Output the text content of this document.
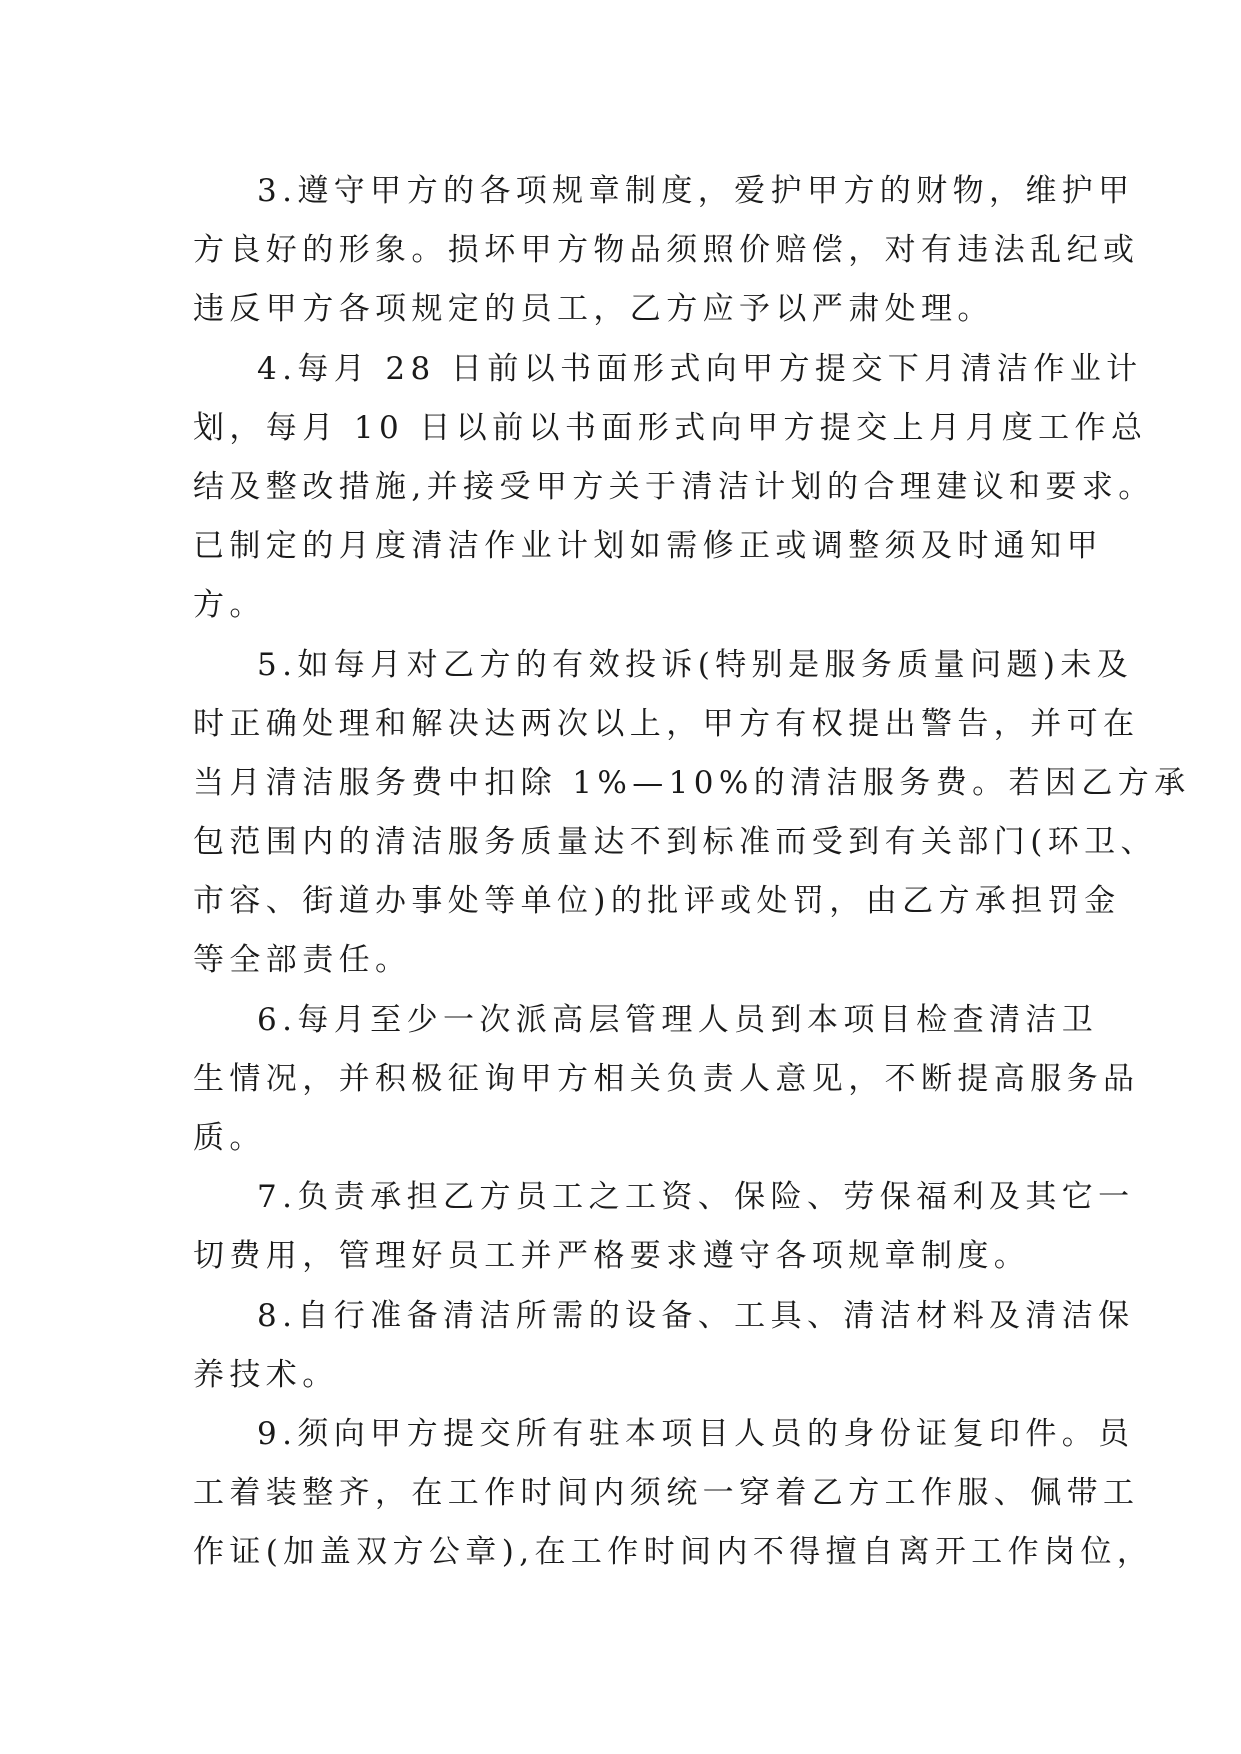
3.遵守甲方的各项规章制度，爱护甲方的财物，维护甲
方良好的形象。损坏甲方物品须照价赔偿，对有违法乱纪或
违反甲方各项规定的员工，乙方应予以严肃处理。
4.每月 28 日前以书面形式向甲方提交下月清洁作业计
划，每月 10 日以前以书面形式向甲方提交上月月度工作总
结及整改措施,并接受甲方关于清洁计划的合理建议和要求。
已制定的月度清洁作业计划如需修正或调整须及时通知甲
方。
5.如每月对乙方的有效投诉(特别是服务质量问题)未及
时正确处理和解决达两次以上，甲方有权提出警告，并可在
当月清洁服务费中扣除 1%—10%的清洁服务费。若因乙方承
包范围内的清洁服务质量达不到标准而受到有关部门(环卫、
市容、街道办事处等单位)的批评或处罚，由乙方承担罚金
等全部责任。
6.每月至少一次派高层管理人员到本项目检查清洁卫
生情况，并积极征询甲方相关负责人意见，不断提高服务品
质。
7.负责承担乙方员工之工资、保险、劳保福利及其它一
切费用，管理好员工并严格要求遵守各项规章制度。
8.自行准备清洁所需的设备、工具、清洁材料及清洁保
养技术。
9.须向甲方提交所有驻本项目人员的身份证复印件。员
工着装整齐，在工作时间内须统一穿着乙方工作服、佩带工
作证(加盖双方公章),在工作时间内不得擅自离开工作岗位，
